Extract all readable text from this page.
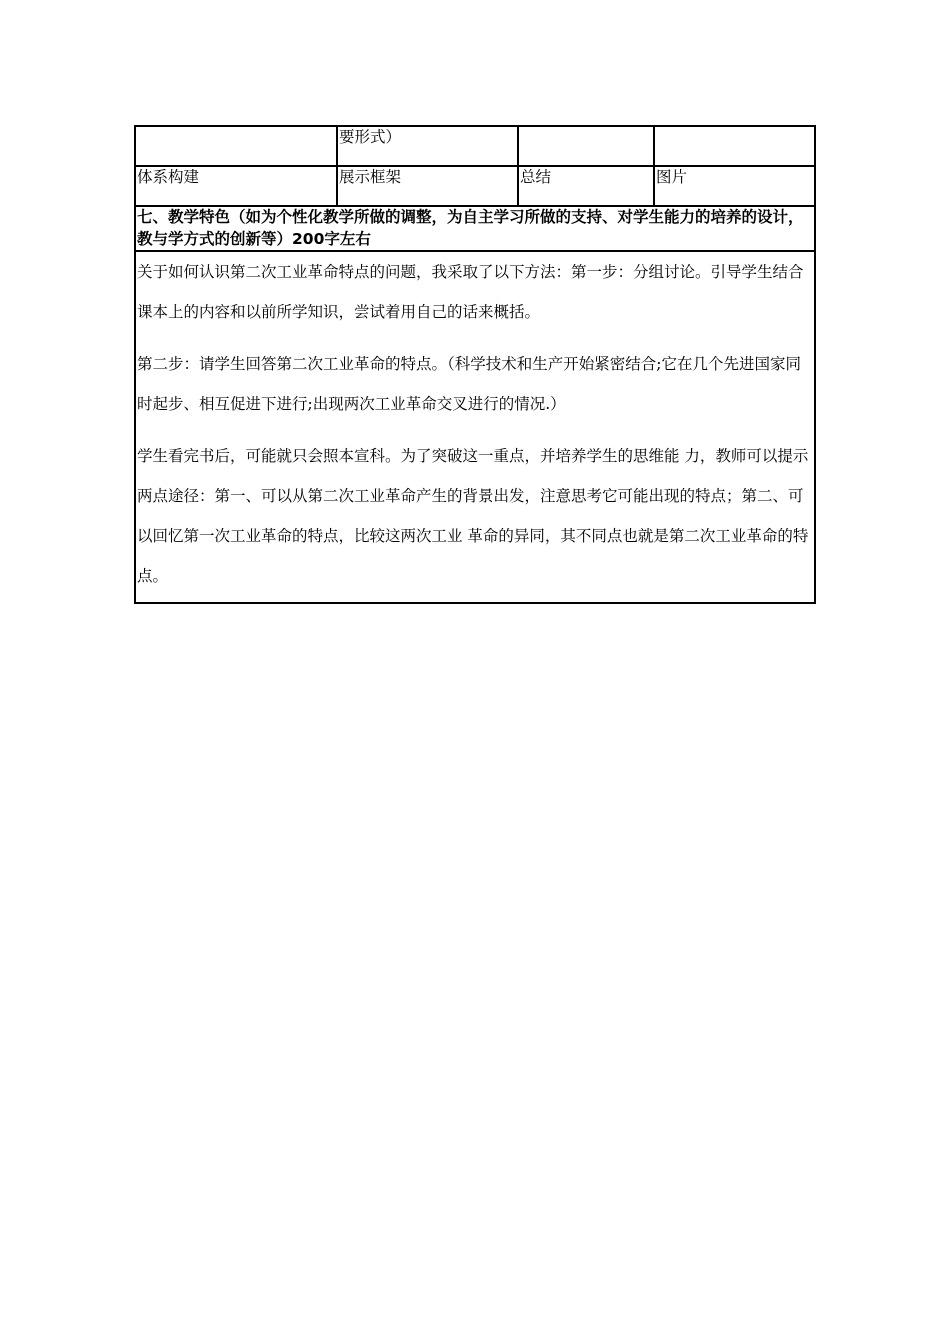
	要形式）		
体系构建	展示框架	总结	图片
七、教学特色（如为个性化教学所做的调整，为自主学习所做的支持、对学生能力的培养的设计，教与学方式的创新等）200字左右			

关于如何认识第二次工业革命特点的问题，我采取了以下方法：第一步：分组讨论。引导学生结合课本上的内容和以前所学知识，尝试着用自己的话来概括。

第二步：请学生回答第二次工业革命的特点。（科学技术和生产开始紧密结合;它在几个先进国家同时起步、相互促进下进行;出现两次工业革命交叉进行的情况.）

学生看完书后，可能就只会照本宣科。为了突破这一重点，并培养学生的思维能 力，教师可以提示两点途径：第一、可以从第二次工业革命产生的背景出发，注意思考它可能出现的特点；第二、可以回忆第一次工业革命的特点，比较这两次工业 革命的异同，其不同点也就是第二次工业革命的特点。			
